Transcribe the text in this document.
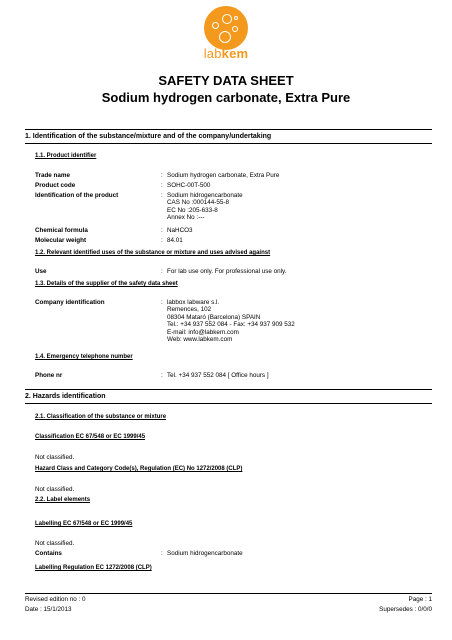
labkem
SAFETY DATA SHEET
Sodium hydrogen carbonate, Extra Pure
1. Identification of the substance/mixture and of the company/undertaking
1.1. Product identifier
Trade name	: Sodium hydrogen carbonate, Extra Pure
Product code	: SOHC-00T-500
Identification of the product	: Sodium hidrogencarbonate
CAS No :000144-55-8
EC No :205-633-8
Annex No :---
Chemical formula	: NaHCO3
Molecular weight	: 84.01
1.2. Relevant identified uses of the substance or mixture and uses advised against
Use	: For lab use only. For professional use only.
1.3. Details of the supplier of the safety data sheet
Company identification	: labbox labware s.l.
Remences, 102
08304 Mataró (Barcelona) SPAIN
Tel.: +34 937 552 084 - Fax: +34 937 909 532
E-mail: info@labkem.com
Web: www.labkem.com
1.4. Emergency telephone number
Phone nr	: Tel. +34 937 552 084 [ Office hours ]
2. Hazards identification
2.1. Classification of the substance or mixture
Classification EC 67/548 or EC 1999/45
Not classified.
Hazard Class and Category Code(s), Regulation (EC) No 1272/2008 (CLP)
Not classified.
2.2. Label elements
Labelling EC 67/548 or EC 1999/45
Not classified.
Contains	: Sodium hidrogencarbonate
Labelling Regulation EC 1272/2008 (CLP)
Revised edition no : 0
Date : 15/1/2013
Page : 1
Supersedes : 0/0/0
